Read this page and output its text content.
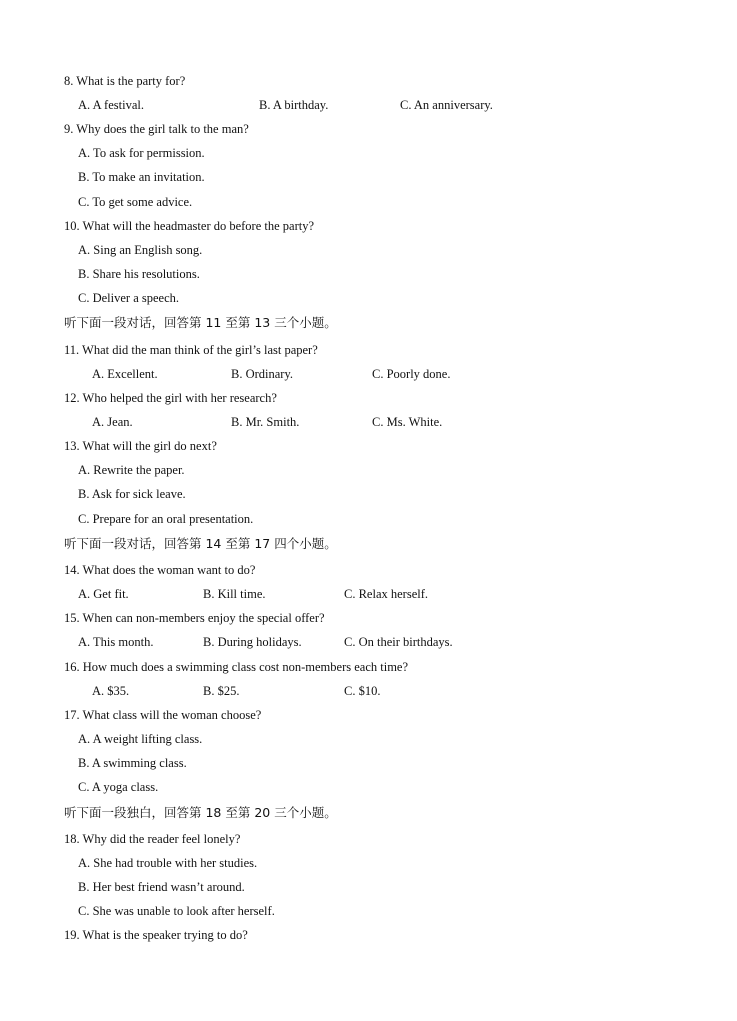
8. What is the party for?
A. A festival.	B. A birthday.	C. An anniversary.
9. Why does the girl talk to the man?
A. To ask for permission.
B. To make an invitation.
C. To get some advice.
10. What will the headmaster do before the party?
A. Sing an English song.
B. Share his resolutions.
C. Deliver a speech.
听下面一段对话，回答第 11 至第 13 三个小题。
11. What did the man think of the girl’s last paper?
A. Excellent.	B. Ordinary.	C. Poorly done.
12. Who helped the girl with her research?
A. Jean.	B. Mr. Smith.	C. Ms. White.
13. What will the girl do next?
A. Rewrite the paper.
B. Ask for sick leave.
C. Prepare for an oral presentation.
听下面一段对话，回答第 14 至第 17 四个小题。
14. What does the woman want to do?
A. Get fit.	B. Kill time.	C. Relax herself.
15. When can non-members enjoy the special offer?
A. This month.	B. During holidays.	C. On their birthdays.
16. How much does a swimming class cost non-members each time?
A. $35.	B. $25.	C. $10.
17. What class will the woman choose?
A. A weight lifting class.
B. A swimming class.
C. A yoga class.
听下面一段独白，回答第 18 至第 20 三个小题。
18. Why did the reader feel lonely?
A. She had trouble with her studies.
B. Her best friend wasn’t around.
C. She was unable to look after herself.
19. What is the speaker trying to do?
